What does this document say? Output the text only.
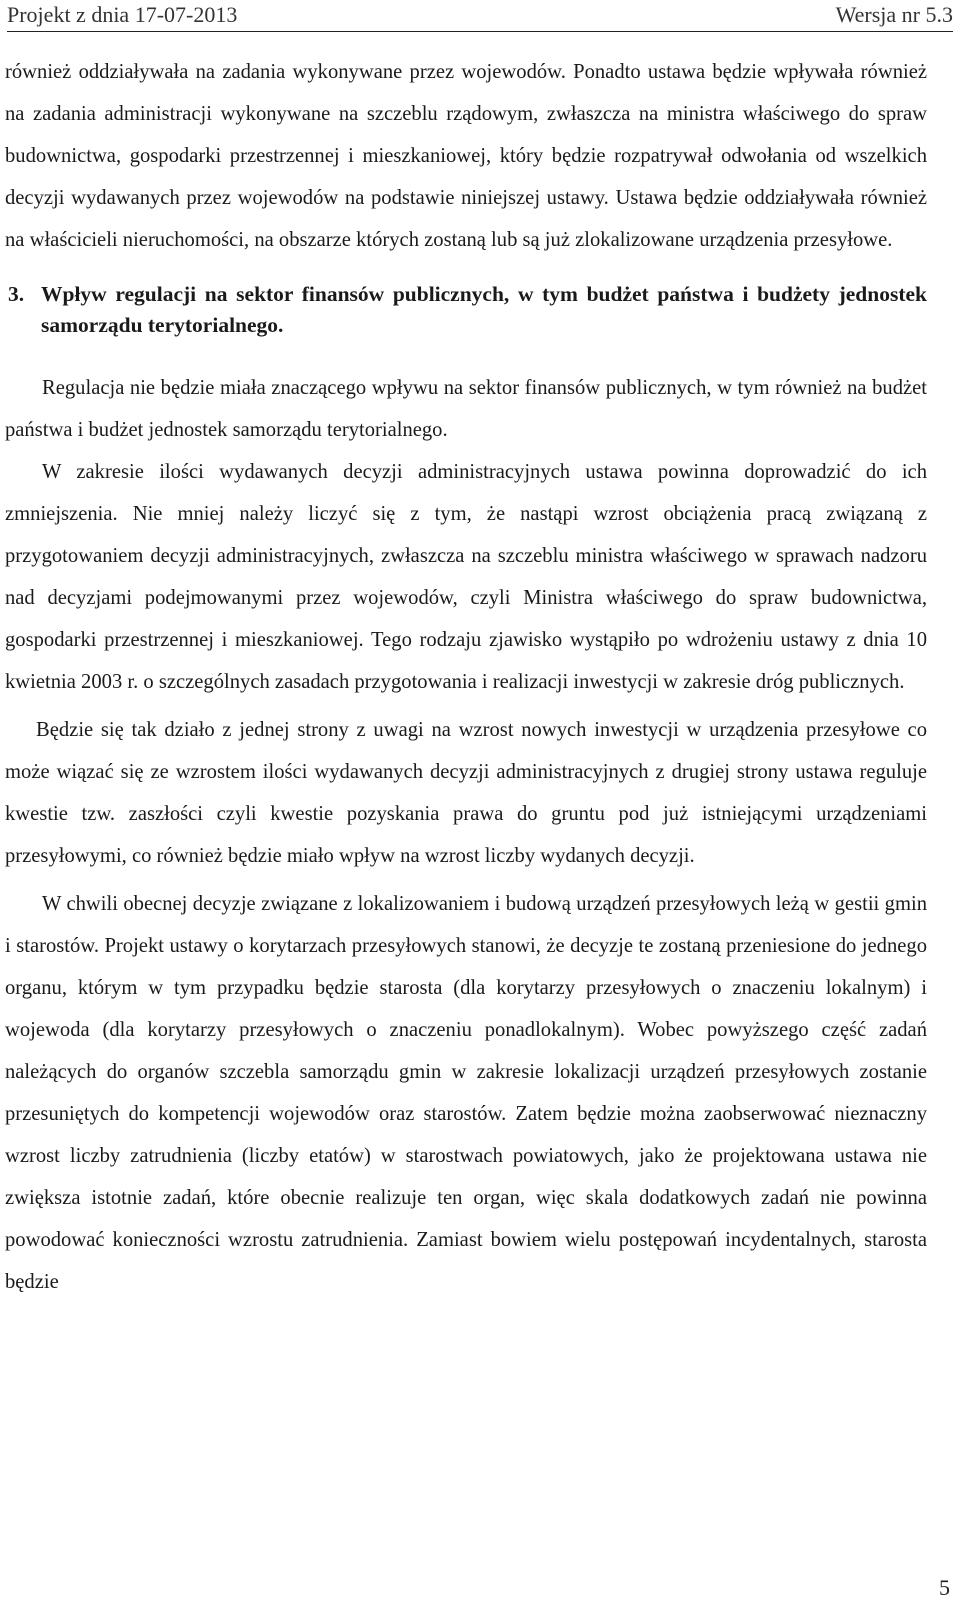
Projekt z dnia 17-07-2013	Wersja nr 5.3

również oddziaływała na zadania wykonywane przez wojewodów. Ponadto ustawa będzie wpływała również na zadania administracji wykonywane na szczeblu rządowym, zwłaszcza na ministra właściwego do spraw budownictwa, gospodarki przestrzennej i mieszkaniowej, który będzie rozpatrywał odwołania od wszelkich decyzji wydawanych przez wojewodów na podstawie niniejszej ustawy. Ustawa będzie oddziaływała również na właścicieli nieruchomości, na obszarze których zostaną lub są już zlokalizowane urządzenia przesyłowe.

3. Wpływ regulacji na sektor finansów publicznych, w tym budżet państwa i budżety jednostek samorządu terytorialnego.

Regulacja nie będzie miała znaczącego wpływu na sektor finansów publicznych, w tym również na budżet państwa i budżet jednostek samorządu terytorialnego.

W zakresie ilości wydawanych decyzji administracyjnych ustawa powinna doprowadzić do ich zmniejszenia. Nie mniej należy liczyć się z tym, że nastąpi wzrost obciążenia pracą związaną z przygotowaniem decyzji administracyjnych, zwłaszcza na szczeblu ministra właściwego w sprawach nadzoru nad decyzjami podejmowanymi przez wojewodów, czyli Ministra właściwego do spraw budownictwa, gospodarki przestrzennej i mieszkaniowej. Tego rodzaju zjawisko wystąpiło po wdrożeniu ustawy z dnia 10 kwietnia 2003 r. o szczególnych zasadach przygotowania i realizacji inwestycji w zakresie dróg publicznych.

Będzie się tak działo z jednej strony z uwagi na wzrost nowych inwestycji w urządzenia przesyłowe co może wiązać się ze wzrostem ilości wydawanych decyzji administracyjnych z drugiej strony ustawa reguluje kwestie tzw. zaszłości czyli kwestie pozyskania prawa do gruntu pod już istniejącymi urządzeniami przesyłowymi, co również będzie miało wpływ na wzrost liczby wydanych decyzji.

W chwili obecnej decyzje związane z lokalizowaniem i budową urządzeń przesyłowych leżą w gestii gmin i starostów. Projekt ustawy o korytarzach przesyłowych stanowi, że decyzje te zostaną przeniesione do jednego organu, którym w tym przypadku będzie starosta (dla korytarzy przesyłowych o znaczeniu lokalnym) i wojewoda (dla korytarzy przesyłowych o znaczeniu ponadlokalnym). Wobec powyższego część zadań należących do organów szczebla samorządu gmin w zakresie lokalizacji urządzeń przesyłowych zostanie przesuniętych do kompetencji wojewodów oraz starostów. Zatem będzie można zaobserwować nieznaczny wzrost liczby zatrudnienia (liczby etatów) w starostwach powiatowych, jako że projektowana ustawa nie zwiększa istotnie zadań, które obecnie realizuje ten organ, więc skala dodatkowych zadań nie powinna powodować konieczności wzrostu zatrudnienia. Zamiast bowiem wielu postępowań incydentalnych, starosta będzie

5
